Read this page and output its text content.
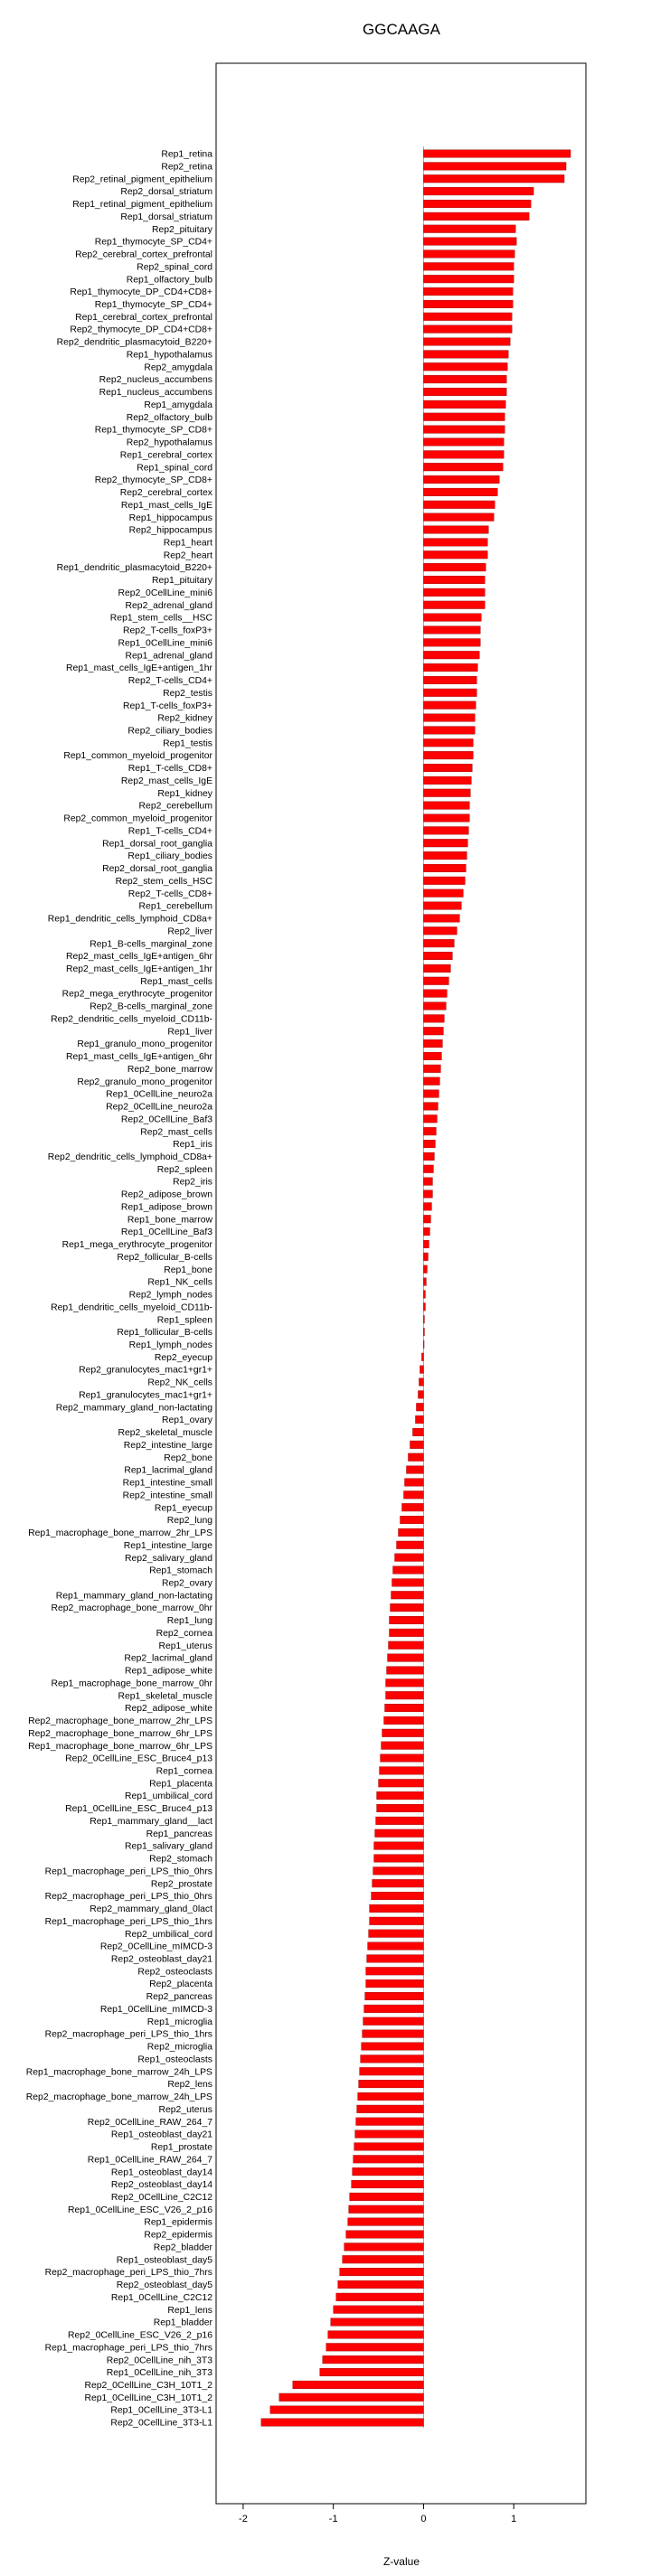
GGCAAGA
Z-value
Rep1_retina
Rep2_retina
Rep2_retinal_pigment_epithelium
Rep2_dorsal_striatum
Rep1_retinal_pigment_epithelium
Rep1_dorsal_striatum
Rep2_pituitary
Rep1_thymocyte_SP_CD4+
Rep2_cerebral_cortex_prefrontal
Rep2_spinal_cord
Rep1_olfactory_bulb
Rep1_thymocyte_DP_CD4+CD8+
Rep1_thymocyte_SP_CD4+
Rep1_cerebral_cortex_prefrontal
Rep2_thymocyte_DP_CD4+CD8+
Rep2_dendritic_plasmacytoid_B220+
Rep1_hypothalamus
Rep2_amygdala
Rep2_nucleus_accumbens
Rep1_nucleus_accumbens
Rep1_amygdala
Rep2_olfactory_bulb
Rep1_thymocyte_SP_CD8+
Rep2_hypothalamus
Rep1_cerebral_cortex
Rep1_spinal_cord
Rep2_thymocyte_SP_CD8+
Rep2_cerebral_cortex
Rep1_mast_cells_IgE
Rep1_hippocampus
Rep2_hippocampus
Rep1_heart
Rep2_heart
Rep1_dendritic_plasmacytoid_B220+
Rep1_pituitary
Rep2_0CellLine_mini6
Rep2_adrenal_gland
Rep1_stem_cells__HSC
Rep2_T-cells_foxP3+
Rep1_0CellLine_mini6
Rep1_adrenal_gland
Rep1_mast_cells_IgE+antigen_1hr
Rep2_T-cells_CD4+
Rep2_testis
Rep1_T-cells_foxP3+
Rep2_kidney
Rep2_ciliary_bodies
Rep1_testis
Rep1_common_myeloid_progenitor
Rep1_T-cells_CD8+
Rep2_mast_cells_IgE
Rep1_kidney
Rep2_cerebellum
Rep2_common_myeloid_progenitor
Rep1_T-cells_CD4+
Rep1_dorsal_root_ganglia
Rep1_ciliary_bodies
Rep2_dorsal_root_ganglia
Rep2_stem_cells_HSC
Rep2_T-cells_CD8+
Rep1_cerebellum
Rep1_dendritic_cells_lymphoid_CD8a+
Rep2_liver
Rep1_B-cells_marginal_zone
Rep2_mast_cells_IgE+antigen_6hr
Rep2_mast_cells_IgE+antigen_1hr
Rep1_mast_cells
Rep2_mega_erythrocyte_progenitor
Rep2_B-cells_marginal_zone
Rep2_dendritic_cells_myeloid_CD11b-
Rep1_liver
Rep1_granulo_mono_progenitor
Rep1_mast_cells_IgE+antigen_6hr
Rep2_bone_marrow
Rep2_granulo_mono_progenitor
Rep1_0CellLine_neuro2a
Rep2_0CellLine_neuro2a
Rep2_0CellLine_Baf3
Rep2_mast_cells
Rep1_iris
Rep2_dendritic_cells_lymphoid_CD8a+
Rep2_spleen
Rep2_iris
Rep2_adipose_brown
Rep1_adipose_brown
Rep1_bone_marrow
Rep1_0CellLine_Baf3
Rep1_mega_erythrocyte_progenitor
Rep2_follicular_B-cells
Rep1_bone
Rep1_NK_cells
Rep2_lymph_nodes
Rep1_dendritic_cells_myeloid_CD11b-
Rep1_spleen
Rep1_follicular_B-cells
Rep1_lymph_nodes
Rep2_eyecup
Rep2_granulocytes_mac1+gr1+
Rep2_NK_cells
Rep1_granulocytes_mac1+gr1+
Rep2_mammary_gland_non-lactating
Rep1_ovary
Rep2_skeletal_muscle
Rep2_intestine_large
Rep2_bone
Rep1_lacrimal_gland
Rep1_intestine_small
Rep2_intestine_small
Rep1_eyecup
Rep2_lung
Rep1_macrophage_bone_marrow_2hr_LPS
Rep1_intestine_large
Rep2_salivary_gland
Rep1_stomach
Rep2_ovary
Rep1_mammary_gland_non-lactating
Rep2_macrophage_bone_marrow_0hr
Rep1_lung
Rep2_cornea
Rep1_uterus
Rep2_lacrimal_gland
Rep1_adipose_white
Rep1_macrophage_bone_marrow_0hr
Rep1_skeletal_muscle
Rep2_adipose_white
Rep2_macrophage_bone_marrow_2hr_LPS
Rep2_macrophage_bone_marrow_6hr_LPS
Rep1_macrophage_bone_marrow_6hr_LPS
Rep2_0CellLine_ESC_Bruce4_p13
Rep1_cornea
Rep1_placenta
Rep1_umbilical_cord
Rep1_0CellLine_ESC_Bruce4_p13
Rep1_mammary_gland__lact
Rep1_pancreas
Rep1_salivary_gland
Rep2_stomach
Rep1_macrophage_peri_LPS_thio_0hrs
Rep2_prostate
Rep2_macrophage_peri_LPS_thio_0hrs
Rep2_mammary_gland_0lact
Rep1_macrophage_peri_LPS_thio_1hrs
Rep2_umbilical_cord
Rep2_0CellLine_mIMCD-3
Rep2_osteoblast_day21
Rep2_osteoclasts
Rep2_placenta
Rep2_pancreas
Rep1_0CellLine_mIMCD-3
Rep1_microglia
Rep2_macrophage_peri_LPS_thio_1hrs
Rep2_microglia
Rep1_osteoclasts
Rep1_macrophage_bone_marrow_24h_LPS
Rep2_lens
Rep2_macrophage_bone_marrow_24h_LPS
Rep2_uterus
Rep2_0CellLine_RAW_264_7
Rep1_osteoblast_day21
Rep1_prostate
Rep1_0CellLine_RAW_264_7
Rep1_osteoblast_day14
Rep2_osteoblast_day14
Rep2_0CellLine_C2C12
Rep1_0CellLine_ESC_V26_2_p16
Rep1_epidermis
Rep2_epidermis
Rep2_bladder
Rep1_osteoblast_day5
Rep2_macrophage_peri_LPS_thio_7hrs
Rep2_osteoblast_day5
Rep1_0CellLine_C2C12
Rep1_lens
Rep1_bladder
Rep2_0CellLine_ESC_V26_2_p16
Rep1_macrophage_peri_LPS_thio_7hrs
Rep2_0CellLine_nih_3T3
Rep1_0CellLine_nih_3T3
Rep2_0CellLine_C3H_10T1_2
Rep1_0CellLine_C3H_10T1_2
Rep1_0CellLine_3T3-L1
Rep2_0CellLine_3T3-L1
-2	-1	0	1
